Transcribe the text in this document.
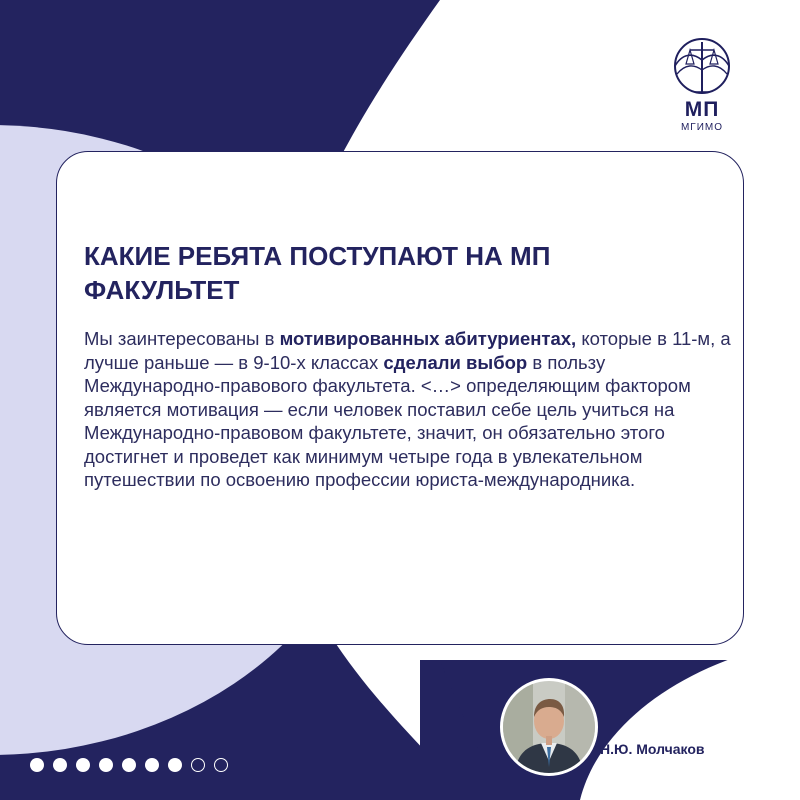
МП
МГИМО
КАКИЕ РЕБЯТА ПОСТУПАЮТ НА МП ФАКУЛЬТЕТ

Мы заинтересованы в мотивированных абитуриентах, которые в 11-м, а лучше раньше — в 9-10-х классах сделали выбор в пользу Международно-правового факультета. <…> определяющим фактором является мотивация — если человек поставил себе цель учиться на Международно-правовом факультете, значит, он обязательно этого достигнет и проведет как минимум четыре года в увлекательном путешествии по освоению профессии юриста-международника.

Н.Ю. Молчаков
